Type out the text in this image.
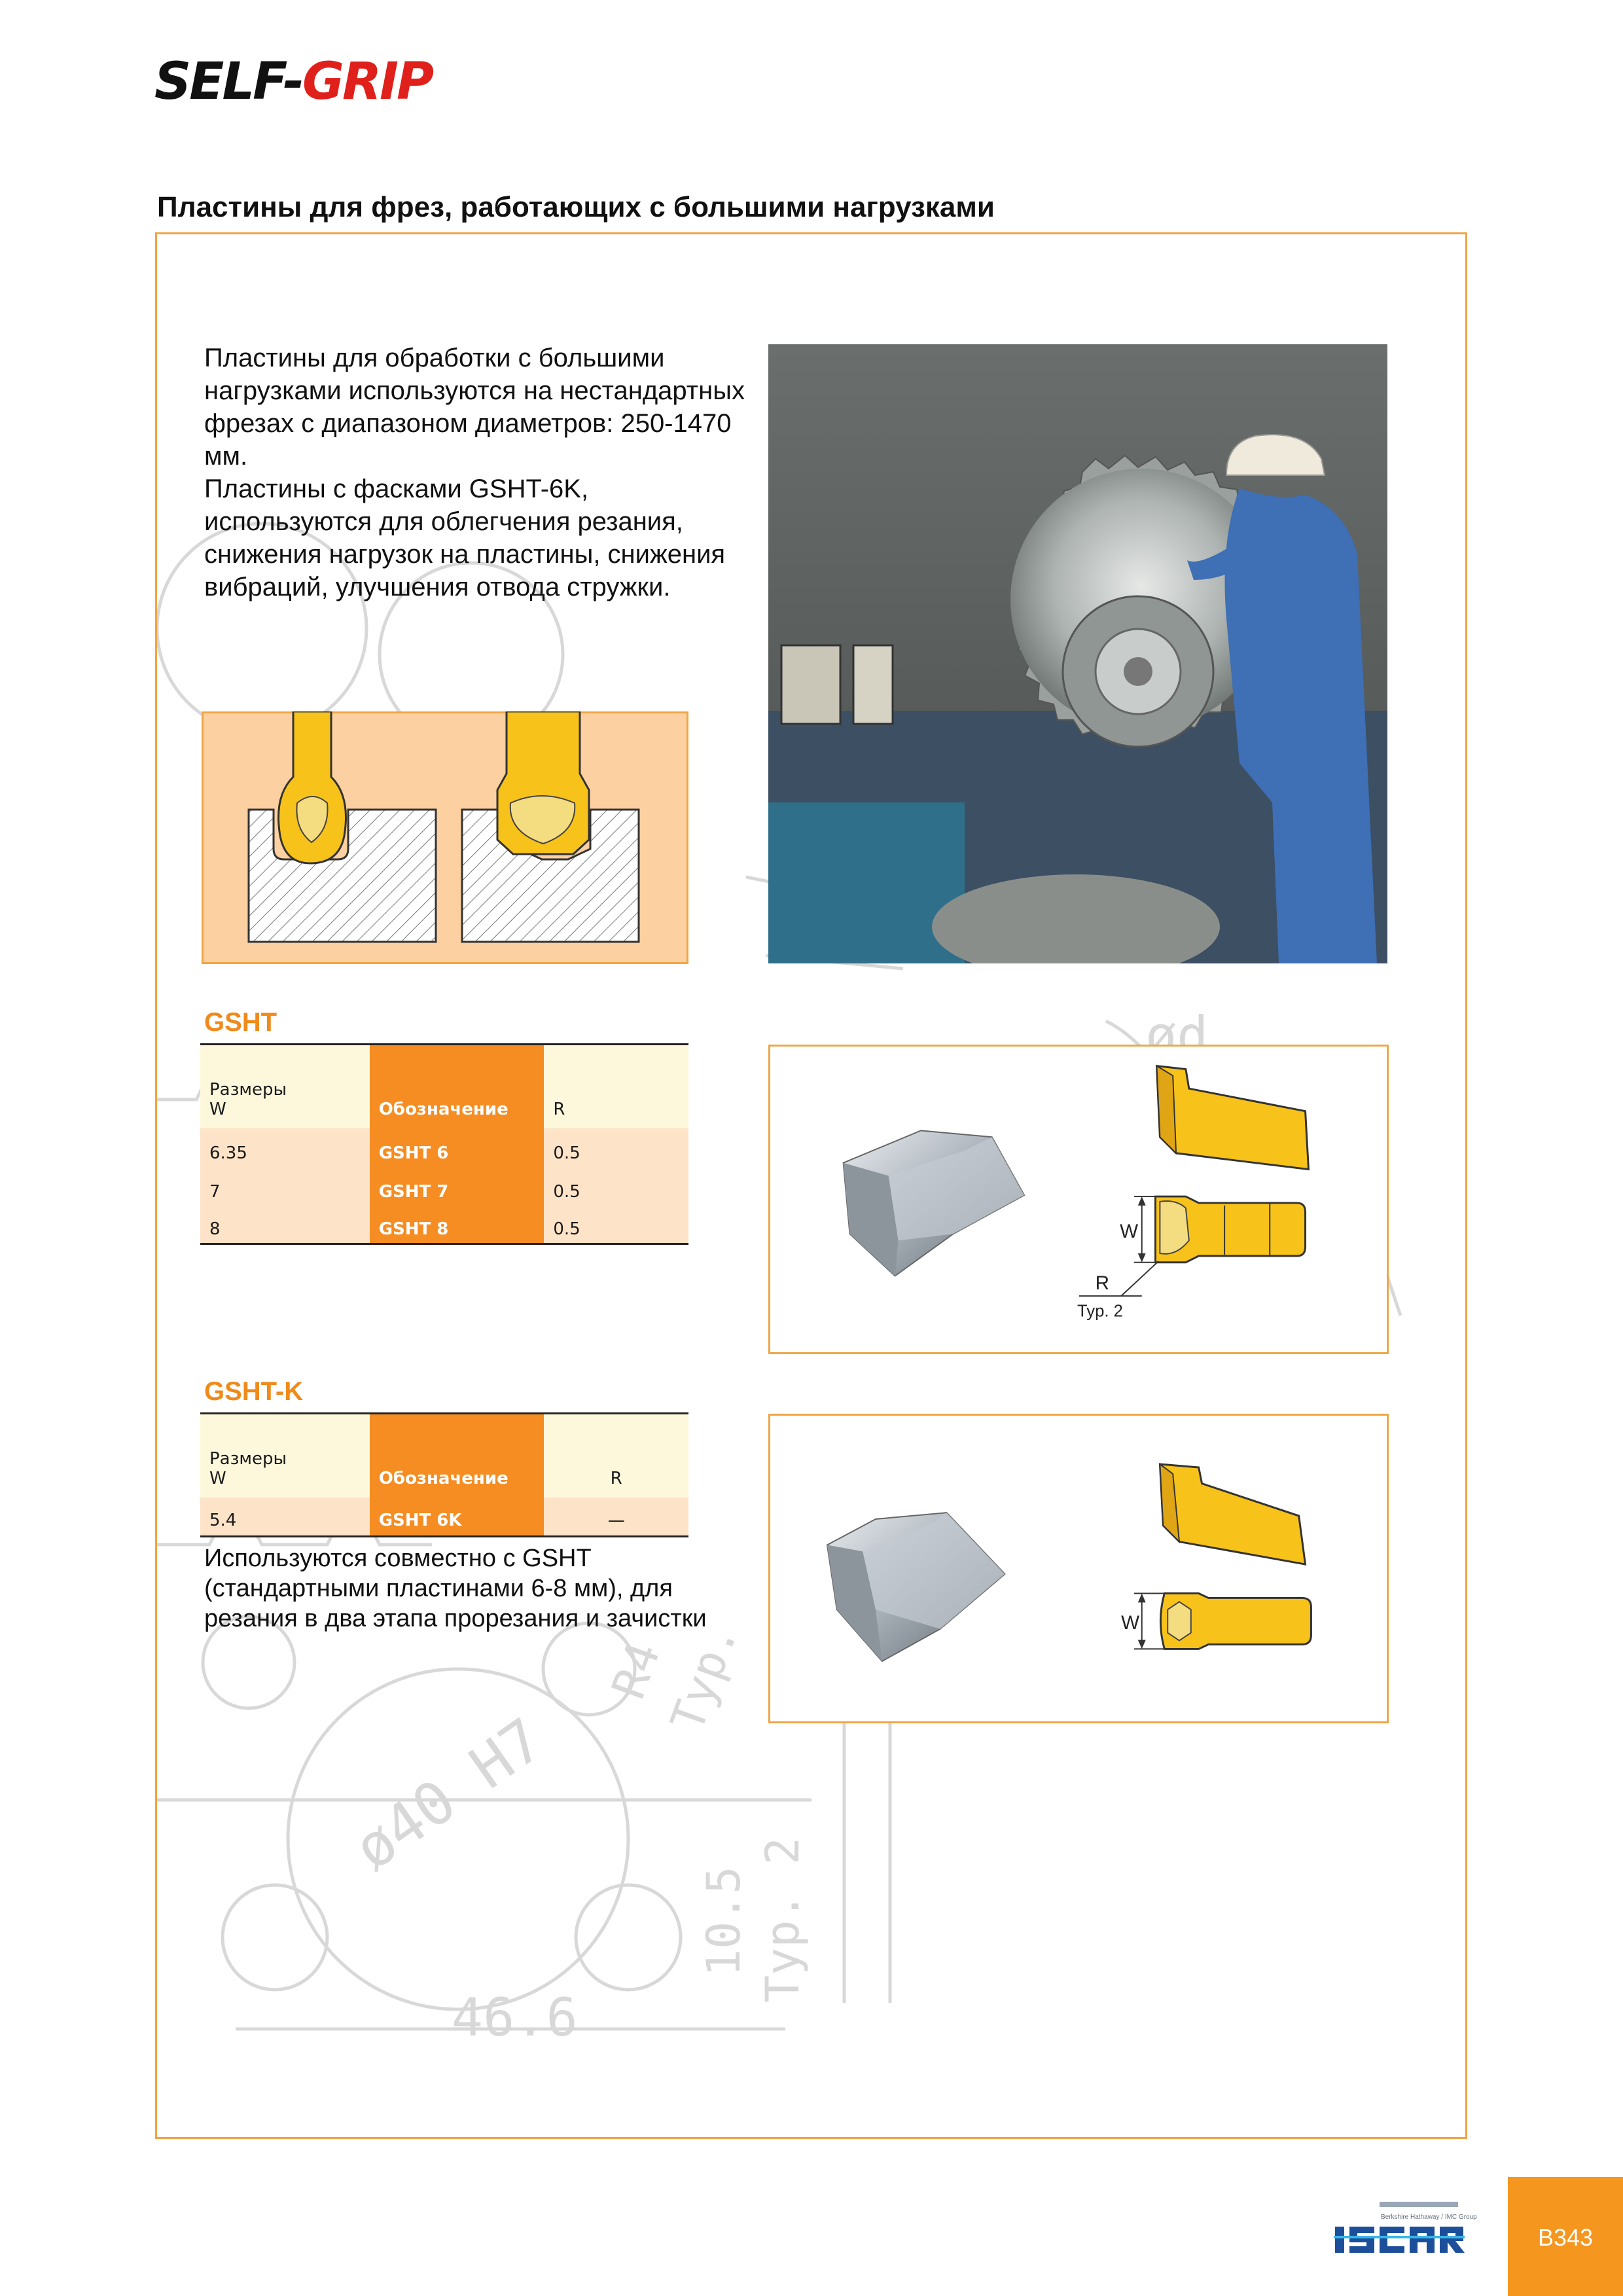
SELF-GRIP
Пластины для фрез, работающих с большими нагрузками
ød
ø40 H7
R4
Typ.
10.5 Typ. 2
46.6

Пластины для обработки с большими нагрузками используются на нестандартных фрезах с диапазоном диаметров: 250-1470 мм.

Пластины с фасками GSHT-6K, используются для облегчения резания, снижения нагрузок на пластины, снижения вибраций, улучшения отвода стружки.

GSHT
Размеры
W	Обозначение	R
6.35	GSHT 6	0.5
7	GSHT 7	0.5
8	GSHT 8	0.5	W
R
Typ. 2
GSHT-K
Размеры
W	Обозначение	R
5.4	GSHT 6K	—
Используются совместно с GSHT (стандартными пластинами 6-8 мм), для резания в два этапа прорезания и зачистки	W
Berkshire Hathaway / IMC Group
B343
